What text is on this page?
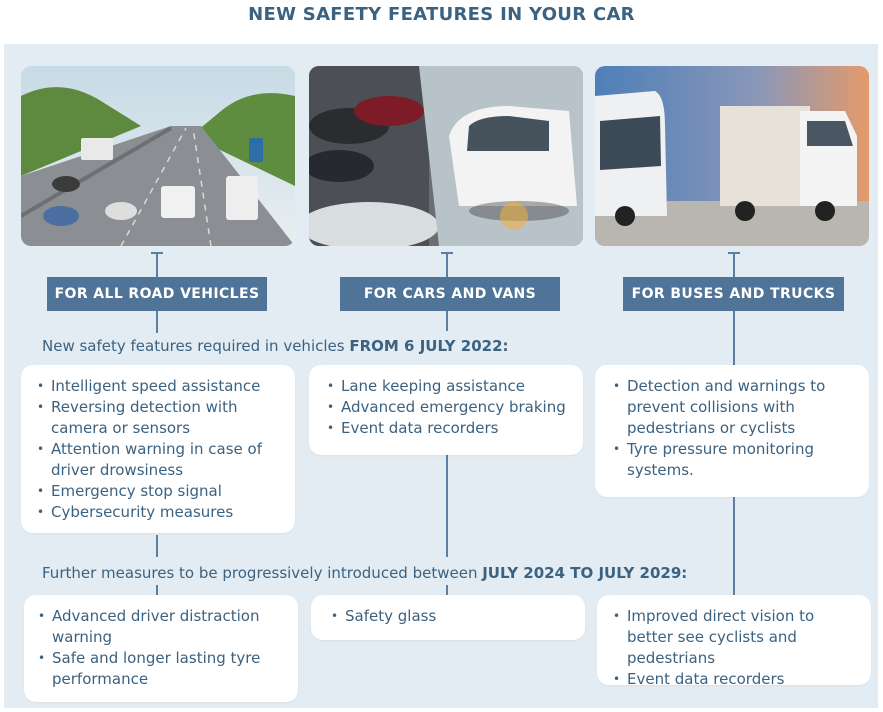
NEW SAFETY FEATURES IN YOUR CAR
FOR ALL ROAD VEHICLES	FOR CARS AND VANS	FOR BUSES AND TRUCKS
New safety features required in vehicles FROM 6 JULY 2022:
• Intelligent speed assistance
• Reversing detection with camera or sensors
• Attention warning in case of driver drowsiness
• Emergency stop signal
• Cybersecurity measures
• Lane keeping assistance
• Advanced emergency braking
• Event data recorders
• Detection and warnings to prevent collisions with pedestrians or cyclists
• Tyre pressure monitoring systems.
Further measures to be progressively introduced between JULY 2024 TO JULY 2029:
• Advanced driver distraction warning
• Safe and longer lasting tyre performance
• Safety glass
•	Improved direct vision to better see cyclists and pedestrians
• Event data recorders
